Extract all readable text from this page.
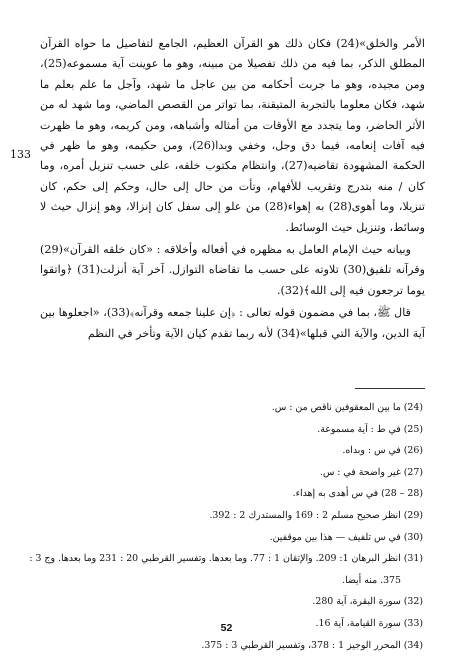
الأمر والخلق»(24) فكان ذلك هو القرآن العظيم، الجامع لتفاصيل ما حواه القرآن المطلق الذكر، بما فيه من ذلك تفصيلا من مبينه، وهو ما عوينت آية مسموعه(25)، ومن مجيده، وهو ما جربت أحكامه من بين عاجل ما شهد، وآجل ما علم بعلم ما شهد، فكان معلوما بالتجربة المتيقنة، بما تواتر من القصص الماضي، وما شهد له من الأثر الحاضر، وما يتجدد مع الأوقات من أمثاله وأشباهه، ومن كريمه، وهو ما ظهرت فيه آفات إنعامه، فيما دق وجل، وخفي وبدا(26)، ومن حكيمه، وهو ما ظهر في الحكمة المشهودة تقاضيه(27)، وانتظام مكتوب خلقه، على حسب تنزيل أمره، وما كان / منه بتدرج وتقريب للأفهام، وتأت من حال إلى حال، وحكم إلى حكم، كان تنزيلا، وما أهوى(28) به إهواء(28) من علو إلى سفل كان إنزالا، وهو إنزال حيث لا وسائط، وتنزيل حيث الوسائط.

وبيانه حيث الإمام العامل به مظهره في أفعاله وأخلاقه : «كان خلقه القرآن»(29) وقرآنه تلفيق(30) تلاوته على حسب ما تقاضاه التوازل. آخر آية أنزلت(31) ﴿واتقوا يوما ترجعون فيه إلى الله﴾(32).

قال ﷺ، بما في مضمون قوله تعالى : ﴿إن علينا جمعه وقرآنه﴾(33)، «اجعلوها بين آية الدين، والآية التي قبلها»(34) لأنه ربما تقدم كيان الآية وتأخر في النظم

133
(24) ما بين المعقوفين ناقص من : س.
(25) في ط : آية مسموعة.
(26) في س : وبداه.
(27) غير واضحة في : س.
(28 – 28) في س أهدى به إهداء.
(29) انظر صحيح مسلم 2 : 169 والمستدرك 2 : 392.
(30) في س تلفيف — هذا بين موقفين.
(31) انظر البرهان 1: 209. والإتقان 1 : 77. وما بعدها. وتفسير القرطبي 20 : 231 وما بعدها. وج 3 :
375. منه أيضا.
(32) سورة البقرة، آية 280.
(33) سورة القيامة، آية 16.
(34) المحرر الوجيز 1 : 378، وتفسير القرطبي 3 : 375.
52
